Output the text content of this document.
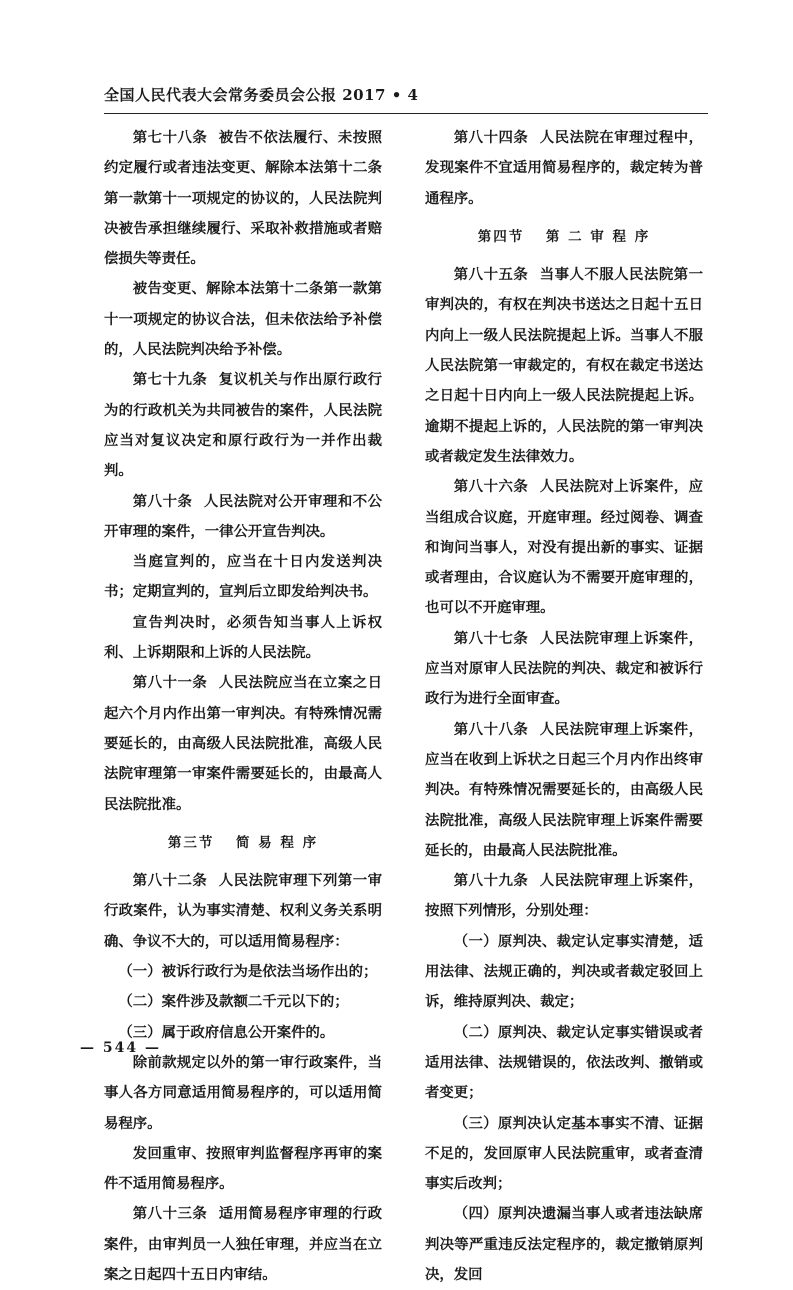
全国人民代表大会常务委员会公报 2017 • 4

第七十八条 被告不依法履行、未按照约定履行或者违法变更、解除本法第十二条第一款第十一项规定的协议的，人民法院判决被告承担继续履行、采取补救措施或者赔偿损失等责任。

被告变更、解除本法第十二条第一款第十一项规定的协议合法，但未依法给予补偿的，人民法院判决给予补偿。

第七十九条 复议机关与作出原行政行为的行政机关为共同被告的案件，人民法院应当对复议决定和原行政行为一并作出裁判。

第八十条 人民法院对公开审理和不公开审理的案件，一律公开宣告判决。

当庭宣判的，应当在十日内发送判决书；定期宣判的，宣判后立即发给判决书。

宣告判决时，必须告知当事人上诉权利、上诉期限和上诉的人民法院。

第八十一条 人民法院应当在立案之日起六个月内作出第一审判决。有特殊情况需要延长的，由高级人民法院批准，高级人民法院审理第一审案件需要延长的，由最高人民法院批准。

第三节 简 易 程 序

第八十二条 人民法院审理下列第一审行政案件，认为事实清楚、权利义务关系明确、争议不大的，可以适用简易程序：

（一）被诉行政行为是依法当场作出的；

（二）案件涉及款额二千元以下的；

（三）属于政府信息公开案件的。

除前款规定以外的第一审行政案件，当事人各方同意适用简易程序的，可以适用简易程序。

发回重审、按照审判监督程序再审的案件不适用简易程序。

第八十三条 适用简易程序审理的行政案件，由审判员一人独任审理，并应当在立案之日起四十五日内审结。

第八十四条 人民法院在审理过程中，发现案件不宜适用简易程序的，裁定转为普通程序。

第四节 第 二 审 程 序

第八十五条 当事人不服人民法院第一审判决的，有权在判决书送达之日起十五日内向上一级人民法院提起上诉。当事人不服人民法院第一审裁定的，有权在裁定书送达之日起十日内向上一级人民法院提起上诉。逾期不提起上诉的，人民法院的第一审判决或者裁定发生法律效力。

第八十六条 人民法院对上诉案件，应当组成合议庭，开庭审理。经过阅卷、调查和询问当事人，对没有提出新的事实、证据或者理由，合议庭认为不需要开庭审理的，也可以不开庭审理。

第八十七条 人民法院审理上诉案件，应当对原审人民法院的判决、裁定和被诉行政行为进行全面审查。

第八十八条 人民法院审理上诉案件，应当在收到上诉状之日起三个月内作出终审判决。有特殊情况需要延长的，由高级人民法院批准，高级人民法院审理上诉案件需要延长的，由最高人民法院批准。

第八十九条 人民法院审理上诉案件，按照下列情形，分别处理：

（一）原判决、裁定认定事实清楚，适用法律、法规正确的，判决或者裁定驳回上诉，维持原判决、裁定；

（二）原判决、裁定认定事实错误或者适用法律、法规错误的，依法改判、撤销或者变更；

（三）原判决认定基本事实不清、证据不足的，发回原审人民法院重审，或者查清事实后改判；

（四）原判决遗漏当事人或者违法缺席判决等严重违反法定程序的，裁定撤销原判决，发回

— 544 —
